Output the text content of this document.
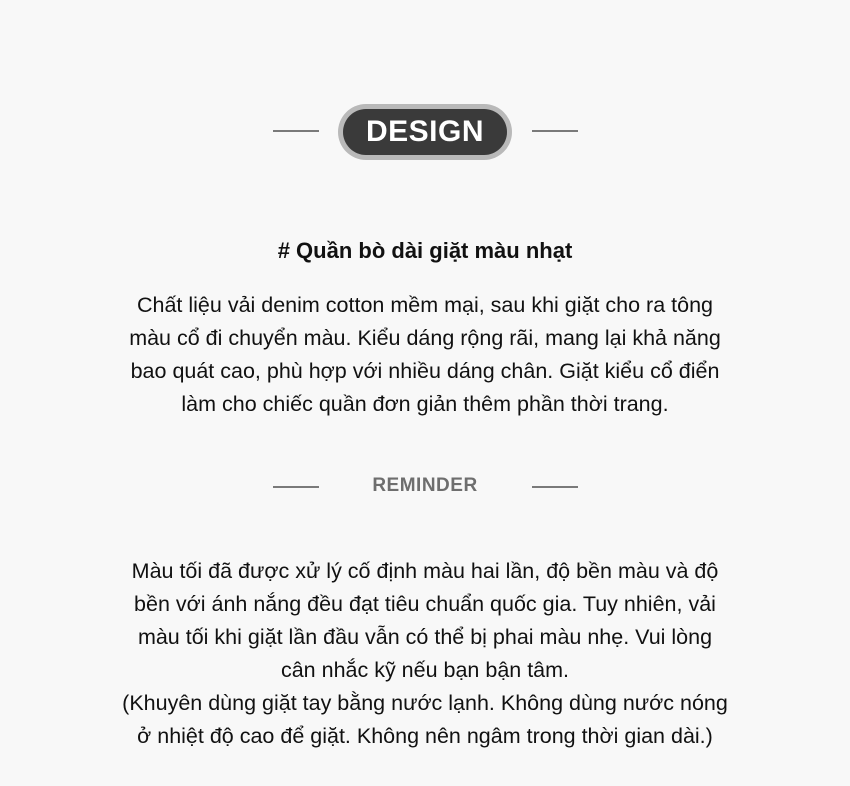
DESIGN
# Quần bò dài giặt màu nhạt

Chất liệu vải denim cotton mềm mại, sau khi giặt cho ra tông
màu cổ đi chuyển màu. Kiểu dáng rộng rãi, mang lại khả năng
bao quát cao, phù hợp với nhiều dáng chân. Giặt kiểu cổ điển
làm cho chiếc quần đơn giản thêm phần thời trang.

REMINDER

Màu tối đã được xử lý cố định màu hai lần, độ bền màu và độ
bền với ánh nắng đều đạt tiêu chuẩn quốc gia. Tuy nhiên, vải
màu tối khi giặt lần đầu vẫn có thể bị phai màu nhẹ. Vui lòng
cân nhắc kỹ nếu bạn bận tâm.
(Khuyên dùng giặt tay bằng nước lạnh. Không dùng nước nóng
ở nhiệt độ cao để giặt. Không nên ngâm trong thời gian dài.)
